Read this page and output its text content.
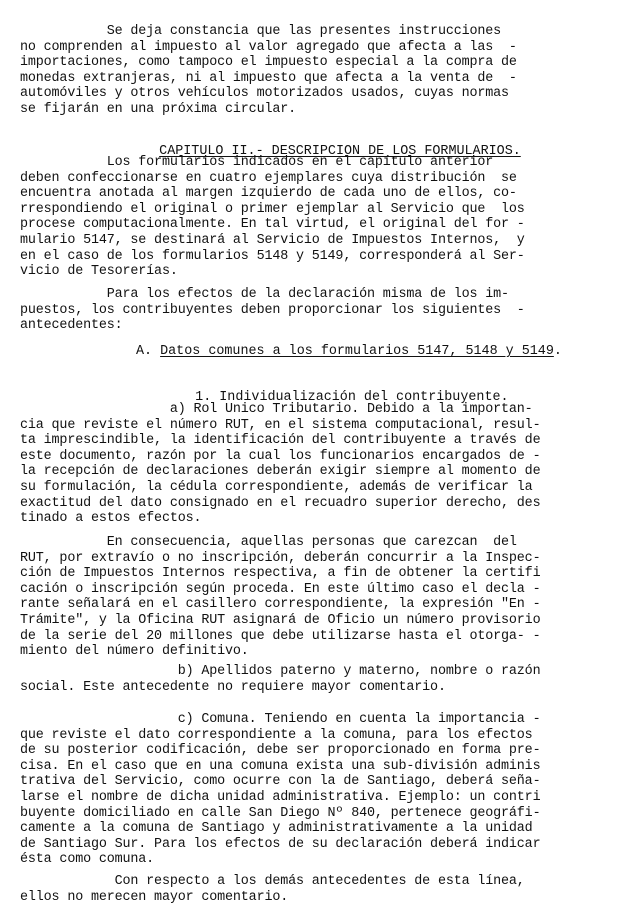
Se deja constancia que las presentes instrucciones
no comprenden al impuesto al valor agregado que afecta a las  -
importaciones, como tampoco el impuesto especial a la compra de
monedas extranjeras, ni al impuesto que afecta a la venta de  -
automóviles y otros vehículos motorizados usados, cuyas normas
se fijarán en una próxima circular.

CAPITULO II.- DESCRIPCION DE LOS FORMULARIOS.

Los formularios indicados en el capítulo anterior
deben confeccionarse en cuatro ejemplares cuya distribución  se
encuentra anotada al margen izquierdo de cada uno de ellos, co-
rrespondiendo el original o primer ejemplar al Servicio que  los
procese computacionalmente. En tal virtud, el original del for -
mulario 5147, se destinará al Servicio de Impuestos Internos,  y
en el caso de los formularios 5148 y 5149, corresponderá al Ser-
vicio de Tesorerías.
Para los efectos de la declaración misma de los im-
puestos, los contribuyentes deben proporcionar los siguientes  -
antecedentes:
A. Datos comunes a los formularios 5147, 5148 y 5149.

1. Individualización del contribuyente.

a) Rol Unico Tributario. Debido a la importan-
cia que reviste el número RUT, en el sistema computacional, resul-
ta imprescindible, la identificación del contribuyente a través de
este documento, razón por la cual los funcionarios encargados de -
la recepción de declaraciones deberán exigir siempre al momento de
su formulación, la cédula correspondiente, además de verificar la
exactitud del dato consignado en el recuadro superior derecho, des
tinado a estos efectos.
En consecuencia, aquellas personas que carezcan  del
RUT, por extravío o no inscripción, deberán concurrir a la Inspec-
ción de Impuestos Internos respectiva, a fin de obtener la certifi
cación o inscripción según proceda. En este último caso el decla -
rante señalará en el casillero correspondiente, la expresión "En -
Trámite", y la Oficina RUT asignará de Oficio un número provisorio
de la serie del 20 millones que debe utilizarse hasta el otorga- -
miento del número definitivo.
b) Apellidos paterno y materno, nombre o razón
social. Este antecedente no requiere mayor comentario.
c) Comuna. Teniendo en cuenta la importancia -
que reviste el dato correspondiente a la comuna, para los efectos
de su posterior codificación, debe ser proporcionado en forma pre-
cisa. En el caso que en una comuna exista una sub-división adminis
trativa del Servicio, como ocurre con la de Santiago, deberá seña-
larse el nombre de dicha unidad administrativa. Ejemplo: un contri
buyente domiciliado en calle San Diego Nº 840, pertenece geográfi-
camente a la comuna de Santiago y administrativamente a la unidad
de Santiago Sur. Para los efectos de su declaración deberá indicar
ésta como comuna.
Con respecto a los demás antecedentes de esta línea,
ellos no merecen mayor comentario.
